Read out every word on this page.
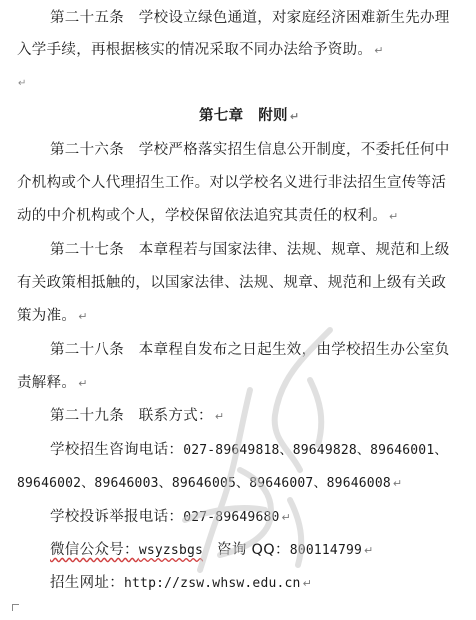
第二十五条　学校设立绿色通道，对家庭经济困难新生先办理
入学手续，再根据核实的情况采取不同办法给予资助。 ↵
↵
第七章　附则 ↵
第二十六条　学校严格落实招生信息公开制度，不委托任何中
介机构或个人代理招生工作。对以学校名义进行非法招生宣传等活
动的中介机构或个人，学校保留依法追究其责任的权利。 ↵
第二十七条　本章程若与国家法律、法规、规章、规范和上级
有关政策相抵触的，以国家法律、法规、规章、规范和上级有关政
策为准。 ↵
第二十八条　本章程自发布之日起生效，由学校招生办公室负
责解释。 ↵
第二十九条　联系方式： ↵
学校招生咨询电话：027-89649818、89649828、89646001、
89646002、89646003、89646005、89646007、89646008 ↵
学校投诉举报电话：027-89649680 ↵
微信公众号：wsyzsbgs 咨询 QQ：800114799 ↵
招生网址：http://zsw.whsw.edu.cn ↵
